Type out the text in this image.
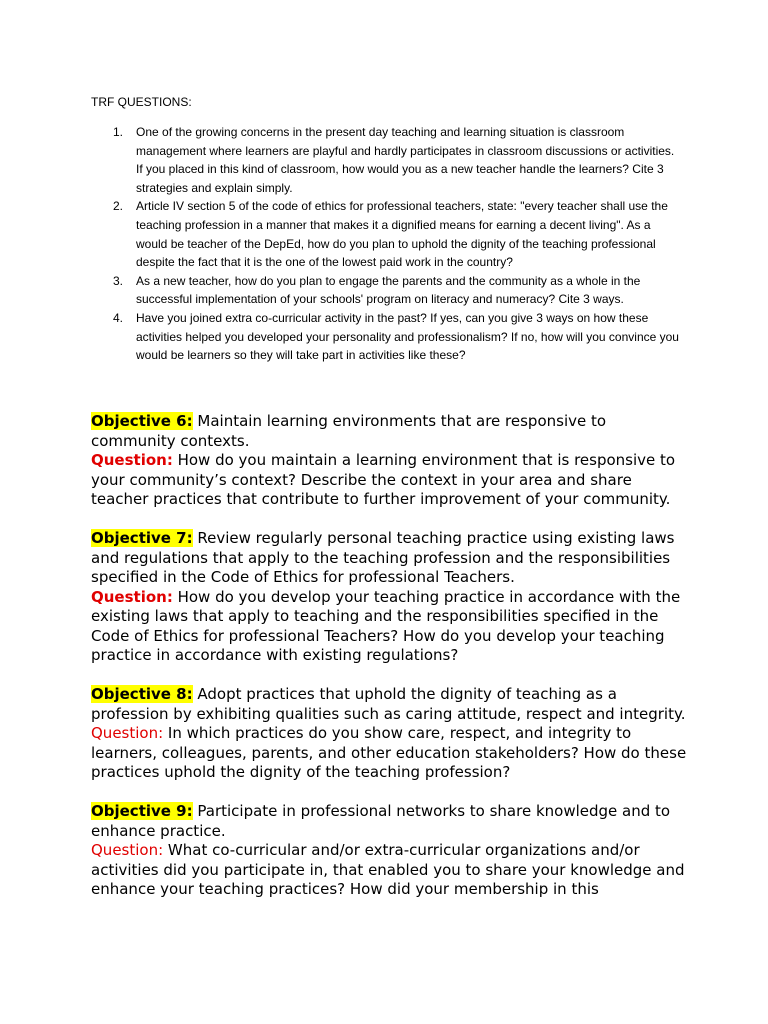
TRF QUESTIONS:
1. One of the growing concerns in the present day teaching and learning situation is classroom management where learners are playful and hardly participates in classroom discussions or activities. If you placed in this kind of classroom, how would you as a new teacher handle the learners? Cite 3 strategies and explain simply.
2. Article IV section 5 of the code of ethics for professional teachers, state: "every teacher shall use the teaching profession in a manner that makes it a dignified means for earning a decent living". As a would be teacher of the DepEd, how do you plan to uphold the dignity of the teaching professional despite the fact that it is the one of the lowest paid work in the country?
3. As a new teacher, how do you plan to engage the parents and the community as a whole in the successful implementation of your schools' program on literacy and numeracy? Cite 3 ways.
4. Have you joined extra co-curricular activity in the past? If yes, can you give 3 ways on how these activities helped you developed your personality and professionalism? If no, how will you convince you would be learners so they will take part in activities like these?
Objective 6: Maintain learning environments that are responsive to community contexts.
Question: How do you maintain a learning environment that is responsive to your community’s context? Describe the context in your area and share teacher practices that contribute to further improvement of your community.
Objective 7: Review regularly personal teaching practice using existing laws and regulations that apply to the teaching profession and the responsibilities specified in the Code of Ethics for professional Teachers.
Question: How do you develop your teaching practice in accordance with the existing laws that apply to teaching and the responsibilities specified in the Code of Ethics for professional Teachers? How do you develop your teaching practice in accordance with existing regulations?
Objective 8: Adopt practices that uphold the dignity of teaching as a profession by exhibiting qualities such as caring attitude, respect and integrity.
Question: In which practices do you show care, respect, and integrity to learners, colleagues, parents, and other education stakeholders? How do these practices uphold the dignity of the teaching profession?
Objective 9: Participate in professional networks to share knowledge and to enhance practice.
Question: What co-curricular and/or extra-curricular organizations and/or activities did you participate in, that enabled you to share your knowledge and enhance your teaching practices? How did your membership in this
